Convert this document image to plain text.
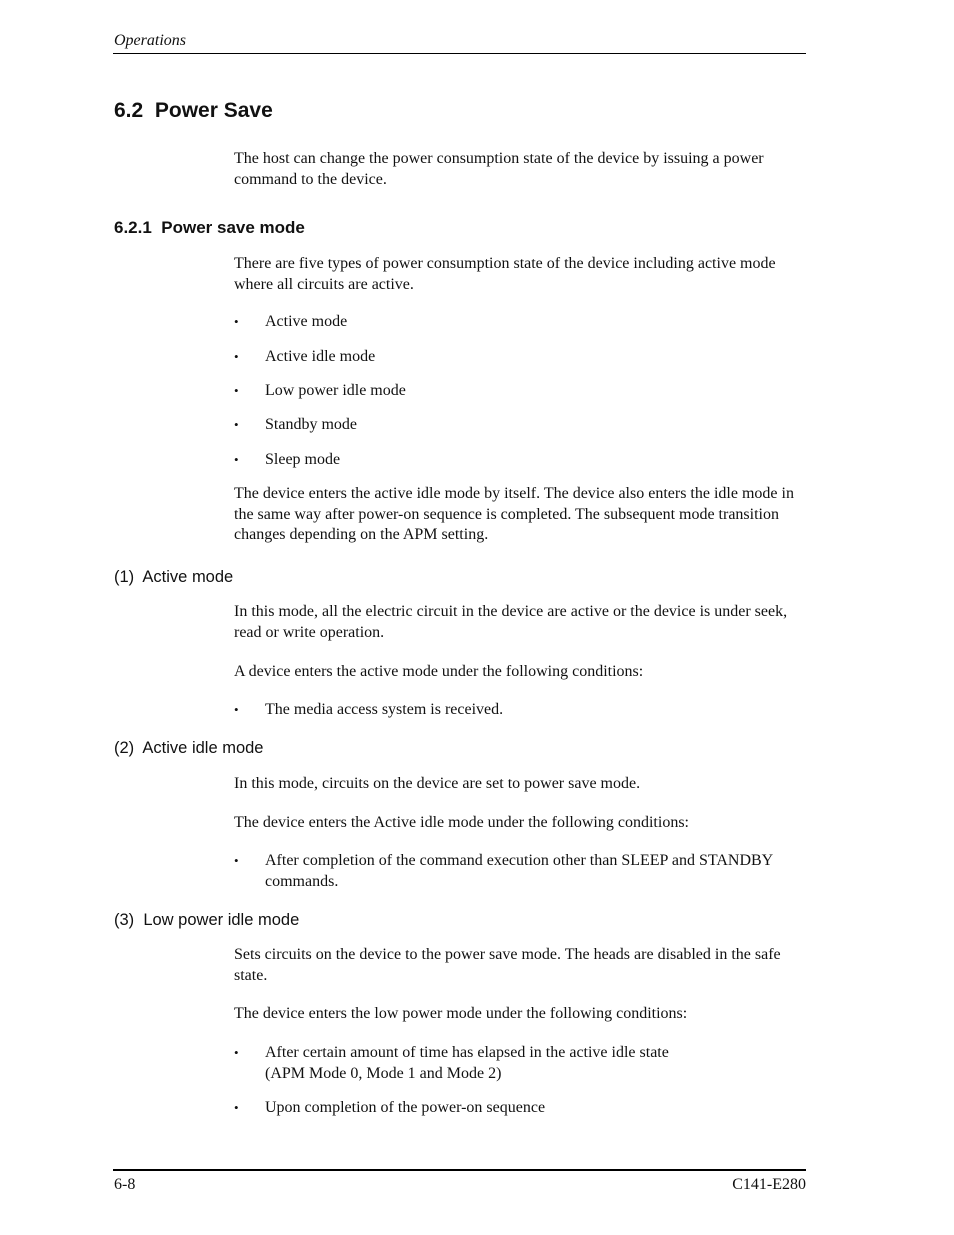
Operations
6.2  Power Save
The host can change the power consumption state of the device by issuing a power command to the device.
6.2.1  Power save mode
There are five types of power consumption state of the device including active mode where all circuits are active.
•	Active mode
•	Active idle mode
•	Low power idle mode
•	Standby mode
•	Sleep mode
The device enters the active idle mode by itself. The device also enters the idle mode in the same way after power-on sequence is completed. The subsequent mode transition changes depending on the APM setting.
(1)  Active mode
In this mode, all the electric circuit in the device are active or the device is under seek, read or write operation.
A device enters the active mode under the following conditions:
•	The media access system is received.
(2)  Active idle mode
In this mode, circuits on the device are set to power save mode.
The device enters the Active idle mode under the following conditions:
•	After completion of the command execution other than SLEEP and STANDBY commands.
(3)  Low power idle mode
Sets circuits on the device to the power save mode. The heads are disabled in the safe state.
The device enters the low power mode under the following conditions:
•	After certain amount of time has elapsed in the active idle state
(APM Mode 0, Mode 1 and Mode 2)
•	Upon completion of the power-on sequence
6-8	C141-E280
